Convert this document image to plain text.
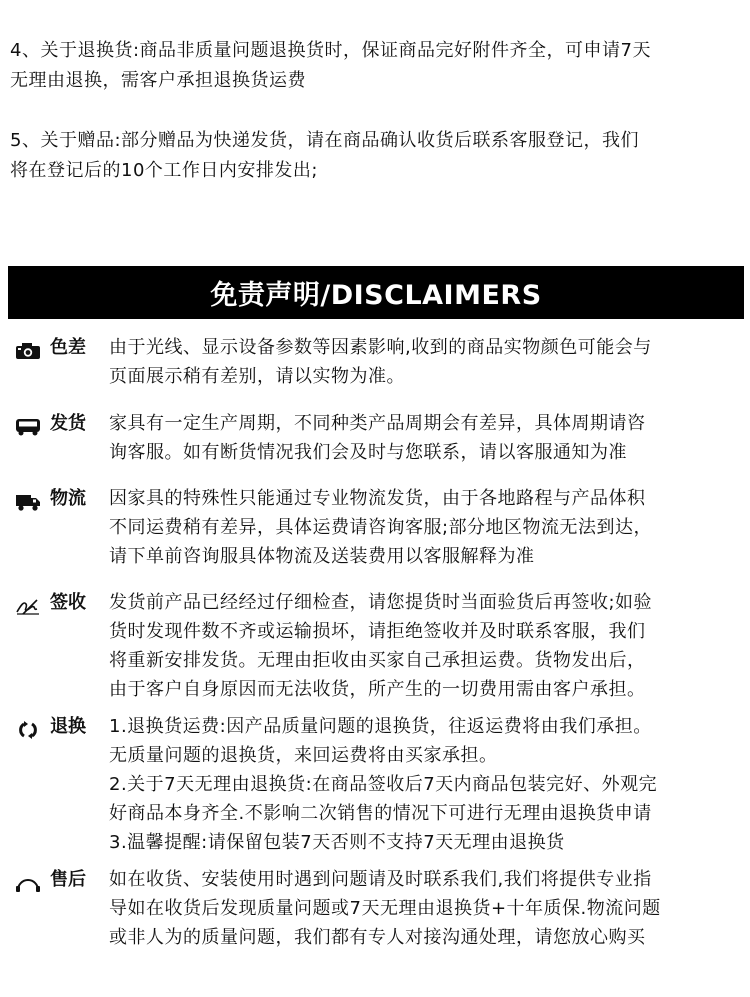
4、关于退换货:商品非质量问题退换货时，保证商品完好附件齐全，可申请7天
无理由退换，需客户承担退换货运费
5、关于赠品:部分赠品为快递发货，请在商品确认收货后联系客服登记，我们
将在登记后的10个工作日内安排发出;
免责声明/DISCLAIMERS
色差 由于光线、显示设备参数等因素影响,收到的商品实物颜色可能会与
页面展示稍有差别，请以实物为准。
发货 家具有一定生产周期，不同种类产品周期会有差异，具体周期请咨
询客服。如有断货情况我们会及时与您联系，请以客服通知为准
物流 因家具的特殊性只能通过专业物流发货，由于各地路程与产品体积
不同运费稍有差异，具体运费请咨询客服;部分地区物流无法到达，
请下单前咨询服具体物流及送装费用以客服解释为准
签收 发货前产品已经经过仔细检查，请您提货时当面验货后再签收;如验
货时发现件数不齐或运输损坏，请拒绝签收并及时联系客服，我们
将重新安排发货。无理由拒收由买家自己承担运费。货物发出后，
由于客户自身原因而无法收货，所产生的一切费用需由客户承担。
退换 1.退换货运费:因产品质量问题的退换货，往返运费将由我们承担。
无质量问题的退换货，来回运费将由买家承担。
2.关于7天无理由退换货:在商品签收后7天内商品包装完好、外观完
好商品本身齐全.不影响二次销售的情况下可进行无理由退换货申请
3.温馨提醒:请保留包装7天否则不支持7天无理由退换货
售后 如在收货、安装使用时遇到问题请及时联系我们,我们将提供专业指
导如在收货后发现质量问题或7天无理由退换货+十年质保.物流问题
或非人为的质量问题，我们都有专人对接沟通处理，请您放心购买
